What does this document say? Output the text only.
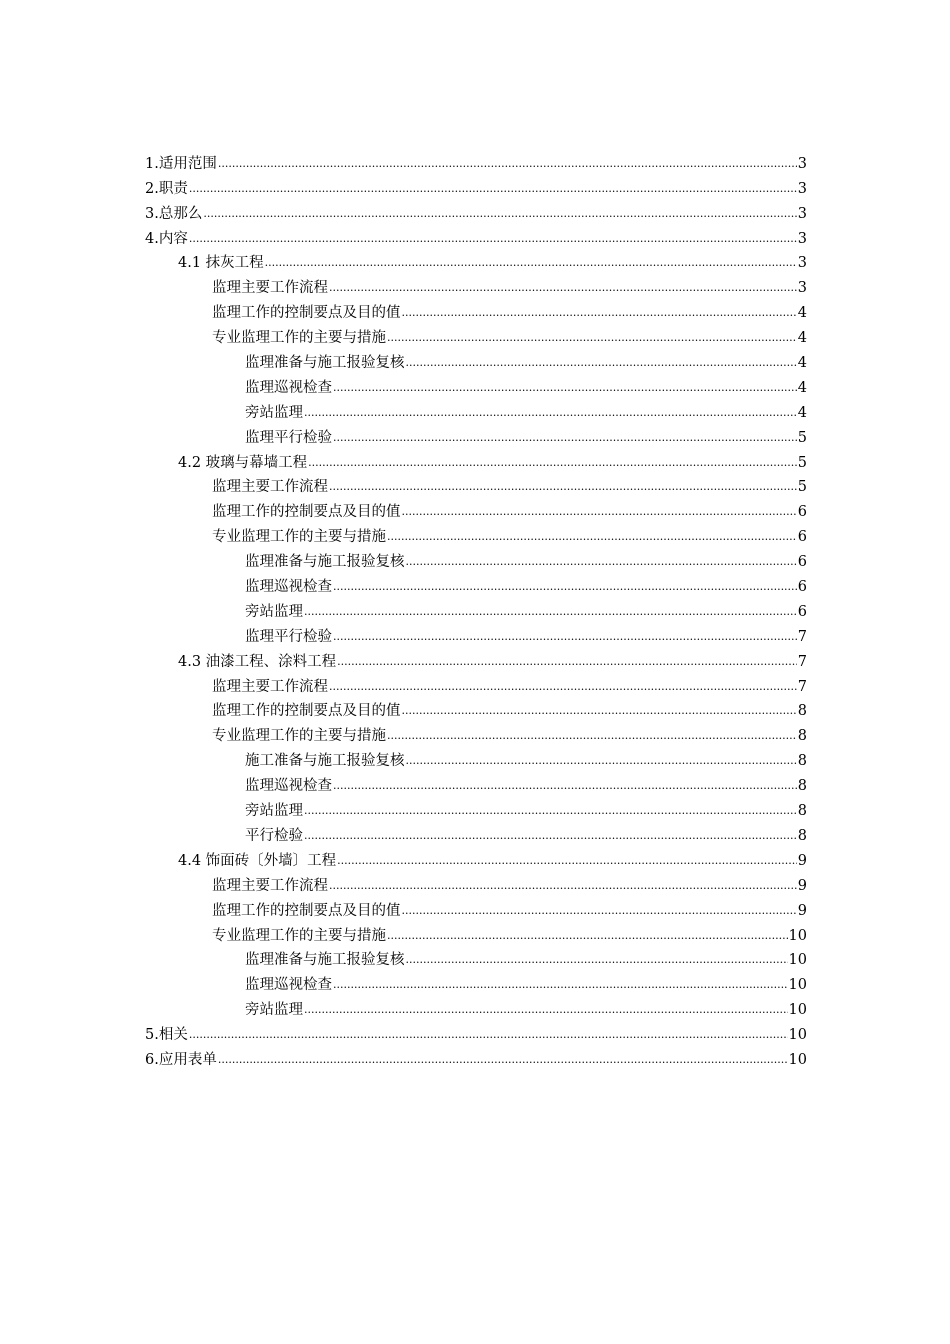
1.适用范围 .....	3
2.职责 .....	3
3.总那么 .....	3
4.内容 .....	3
4.1 抹灰工程 .....	3
监理主要工作流程 .....	3
监理工作的控制要点及目的值 .....	4
专业监理工作的主要与措施 .....	4
监理准备与施工报验复核 .....	4
监理巡视检查 .....	4
旁站监理 .....	4
监理平行检验 .....	5
4.2 玻璃与幕墙工程 .....	5
监理主要工作流程 .....	5
监理工作的控制要点及目的值 .....	6
专业监理工作的主要与措施 .....	6
监理准备与施工报验复核 .....	6
监理巡视检查 .....	6
旁站监理 .....	6
监理平行检验 .....	7
4.3 油漆工程、涂料工程 .....	7
监理主要工作流程 .....	7
监理工作的控制要点及目的值 .....	8
专业监理工作的主要与措施 .....	8
施工准备与施工报验复核 .....	8
监理巡视检查 .....	8
旁站监理 .....	8
平行检验 .....	8
4.4 饰面砖〔外墙〕工程 .....	9
监理主要工作流程 .....	9
监理工作的控制要点及目的值 .....	9
专业监理工作的主要与措施 .....	10
监理准备与施工报验复核 .....	10
监理巡视检查 .....	10
旁站监理 .....	10
5.相关 .....	10
6.应用表单 .....	10
